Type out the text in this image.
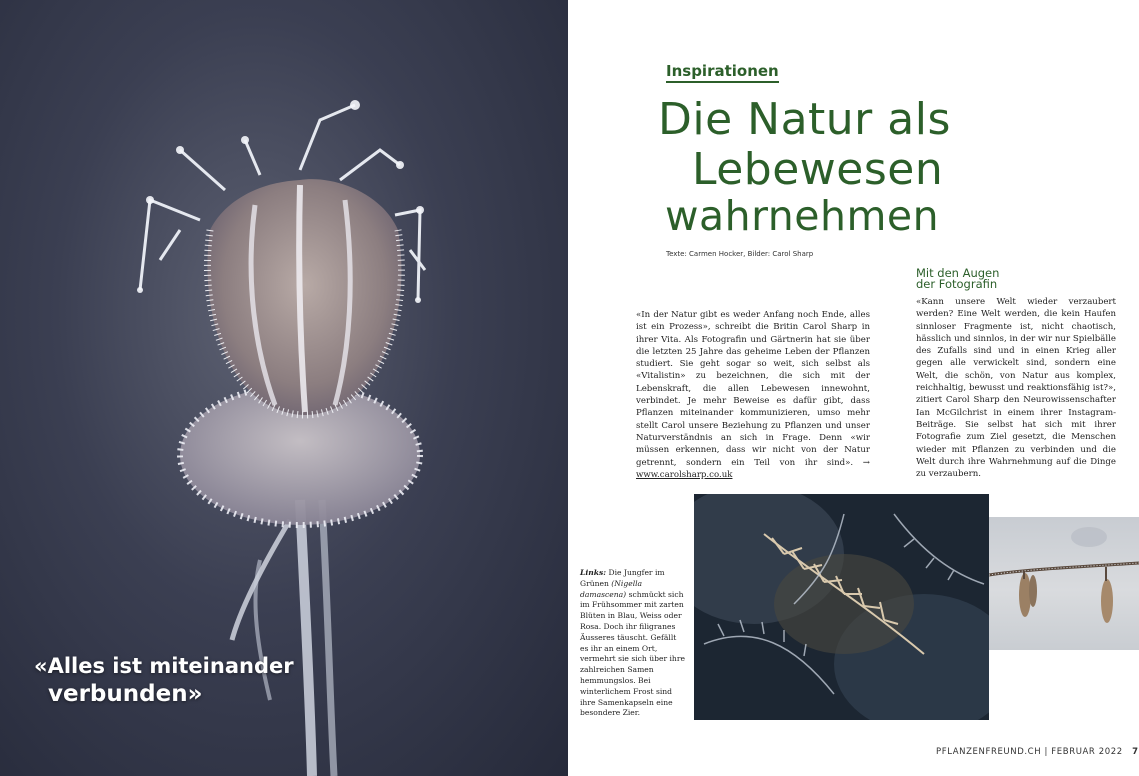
«Alles ist miteinander
verbunden»
Inspirationen
Die Natur als
Lebewesen
wahrnehmen
Texte: Carmen Hocker, Bilder: Carol Sharp
«In der Natur gibt es weder Anfang noch Ende, alles ist ein Prozess», schreibt die Britin Carol Sharp in ihrer Vita. Als Fotografin und Gärtnerin hat sie über die letzten 25 Jahre das geheime Leben der Pflanzen studiert. Sie geht sogar so weit, sich selbst als «Vitalistin» zu bezeichnen, die sich mit der Lebenskraft, die allen Lebewesen innewohnt, verbindet. Je mehr Beweise es dafür gibt, dass Pflanzen miteinander kommunizieren, umso mehr stellt Carol unsere Beziehung zu Pflanzen und unser Naturverständnis an sich in Frage. Denn «wir müssen erkennen, dass wir nicht von der Natur getrennt, sondern ein Teil von ihr sind». → www.carolsharp.co.uk
Mit den Augen
der Fotografin
«Kann unsere Welt wieder verzaubert werden? Eine Welt werden, die kein Haufen sinnloser Fragmente ist, nicht chaotisch, hässlich und sinnlos, in der wir nur Spielbälle des Zufalls sind und in einen Krieg aller gegen alle verwickelt sind, sondern eine Welt, die schön, von Natur aus komplex, reichhaltig, bewusst und reaktionsfähig ist?», zitiert Carol Sharp den Neurowissenschafter Ian McGilchrist in einem ihrer Instagram-Beiträge. Sie selbst hat sich mit ihrer Fotografie zum Ziel gesetzt, die Menschen wieder mit Pflanzen zu verbinden und die Welt durch ihre Wahrnehmung auf die Dinge zu verzaubern.
Links: Die Jungfer im Grünen (Nigella damascena) schmückt sich im Frühsommer mit zarten Blüten in Blau, Weiss oder Rosa. Doch ihr filigranes Äusseres täuscht. Gefällt es ihr an einem Ort, vermehrt sie sich über ihre zahlreichen Samen hemmungslos. Bei winterlichem Frost sind ihre Samenkapseln eine besondere Zier.
PFLANZENFREUND.CH | FEBRUAR 2022 7
